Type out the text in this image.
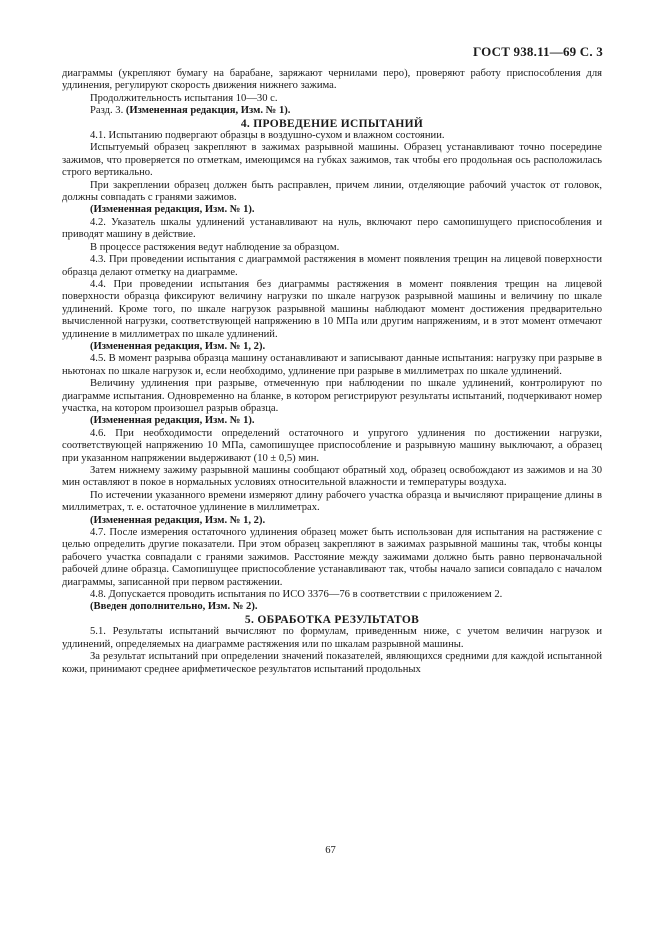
ГОСТ 938.11—69 С. 3

диаграммы (укрепляют бумагу на барабане, заряжают чернилами перо), проверяют работу приспособления для удлинения, регулируют скорость движения нижнего зажима.

Продолжительность испытания 10—30 с.

Разд. 3. (Измененная редакция, Изм. № 1).

4. ПРОВЕДЕНИЕ ИСПЫТАНИЙ

4.1. Испытанию подвергают образцы в воздушно-сухом и влажном состоянии.

Испытуемый образец закрепляют в зажимах разрывной машины. Образец устанавливают точно посередине зажимов, что проверяется по отметкам, имеющимся на губках зажимов, так чтобы его продольная ось расположилась строго вертикально.

При закреплении образец должен быть расправлен, причем линии, отделяющие рабочий участок от головок, должны совпадать с гранями зажимов.

(Измененная редакция, Изм. № 1).

4.2. Указатель шкалы удлинений устанавливают на нуль, включают перо самопишущего приспособления и приводят машину в действие.

В процессе растяжения ведут наблюдение за образцом.

4.3. При проведении испытания с диаграммой растяжения в момент появления трещин на лицевой поверхности образца делают отметку на диаграмме.

4.4. При проведении испытания без диаграммы растяжения в момент появления трещин на лицевой поверхности образца фиксируют величину нагрузки по шкале нагрузок разрывной машины и величину по шкале удлинений. Кроме того, по шкале нагрузок разрывной машины наблюдают момент достижения предварительно вычисленной нагрузки, соответствующей напряжению в 10 МПа или другим напряжениям, и в этот момент отмечают удлинение в миллиметрах по шкале удлинений.

(Измененная редакция, Изм. № 1, 2).

4.5. В момент разрыва образца машину останавливают и записывают данные испытания: нагрузку при разрыве в ньютонах по шкале нагрузок и, если необходимо, удлинение при разрыве в миллиметрах по шкале удлинений.

Величину удлинения при разрыве, отмеченную при наблюдении по шкале удлинений, контролируют по диаграмме испытания. Одновременно на бланке, в котором регистрируют результаты испытаний, подчеркивают номер участка, на котором произошел разрыв образца.

(Измененная редакция, Изм. № 1).

4.6. При необходимости определений остаточного и упругого удлинения по достижении нагрузки, соответствующей напряжению 10 МПа, самопишущее приспособление и разрывную машину выключают, а образец при указанном напряжении выдерживают (10 ± 0,5) мин.

Затем нижнему зажиму разрывной машины сообщают обратный ход, образец освобождают из зажимов и на 30 мин оставляют в покое в нормальных условиях относительной влажности и температуры воздуха.

По истечении указанного времени измеряют длину рабочего участка образца и вычисляют приращение длины в миллиметрах, т. е. остаточное удлинение в миллиметрах.

(Измененная редакция, Изм. № 1, 2).

4.7. После измерения остаточного удлинения образец может быть использован для испытания на растяжение с целью определить другие показатели. При этом образец закрепляют в зажимах разрывной машины так, чтобы концы рабочего участка совпадали с гранями зажимов. Расстояние между зажимами должно быть равно первоначальной рабочей длине образца. Самопишущее приспособление устанавливают так, чтобы начало записи совпадало с началом диаграммы, записанной при первом растяжении.

4.8. Допускается проводить испытания по ИСО 3376—76 в соответствии с приложением 2.

(Введен дополнительно, Изм. № 2).

5. ОБРАБОТКА РЕЗУЛЬТАТОВ

5.1. Результаты испытаний вычисляют по формулам, приведенным ниже, с учетом величин нагрузок и удлинений, определяемых на диаграмме растяжения или по шкалам разрывной машины.

За результат испытаний при определении значений показателей, являющихся средними для каждой испытанной кожи, принимают среднее арифметическое результатов испытаний продольных

67
